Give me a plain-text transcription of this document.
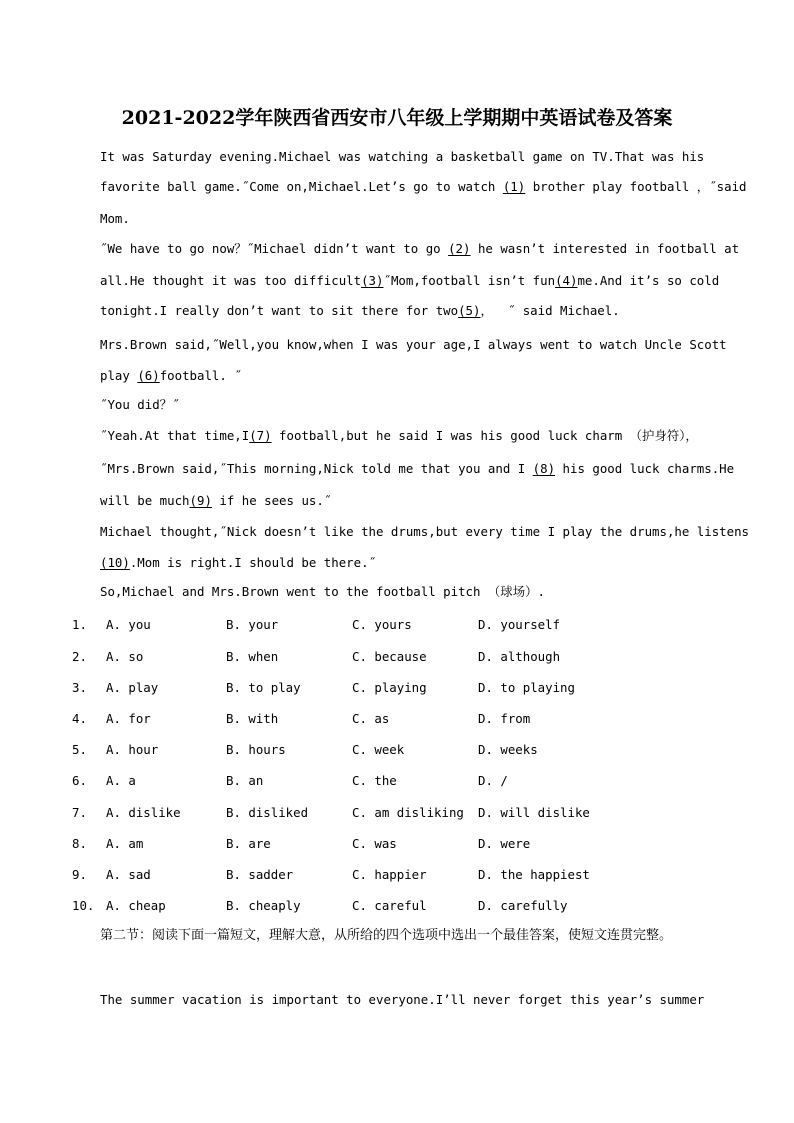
2021-2022学年陕西省西安市八年级上学期期中英语试卷及答案
It was Saturday evening.Michael was watching a basketball game on TV.That was his
favorite ball game.˝Come on,Michael.Let’s go to watch (1) brother play football ，˝said
Mom.
˝We have to go now？˝Michael didn’t want to go (2) he wasn’t interested in football at
all.He thought it was too difficult(3)˝Mom,football isn’t fun(4)me.And it’s so cold
tonight.I really don’t want to sit there for two(5)，  ˝ said Michael.
Mrs.Brown said,˝Well,you know,when I was your age,I always went to watch Uncle Scott
play (6)football. ˝
˝You did？˝
˝Yeah.At that time,I(7) football,but he said I was his good luck charm （护身符），
˝Mrs.Brown said,˝This morning,Nick told me that you and I (8) his good luck charms.He
will be much(9) if he sees us.˝
Michael thought,˝Nick doesn’t like the drums,but every time I play the drums,he listens
(10).Mom is right.I should be there.˝
So,Michael and Mrs.Brown went to the football pitch （球场）.
1. A. you	B. your	C. yours	D. yourself
2. A. so	B. when	C. because	D. although
3. A. play	B. to play	C. playing	D. to playing
4. A. for	B. with	C. as	D. from
5. A. hour	B. hours	C. week	D. weeks
6. A. a	B. an	C. the	D. /
7. A. dislike	B. disliked	C. am disliking D. will dislike
8. A. am	B. are	C. was	D. were
9. A. sad	B. sadder	C. happier	D. the happiest
10. A. cheap	B. cheaply	C. careful	D. carefully
第二节：阅读下面一篇短文，理解大意，从所给的四个选项中选出一个最佳答案，使短文连贯完整。
The summer vacation is important to everyone.I’ll never forget this year’s summer
